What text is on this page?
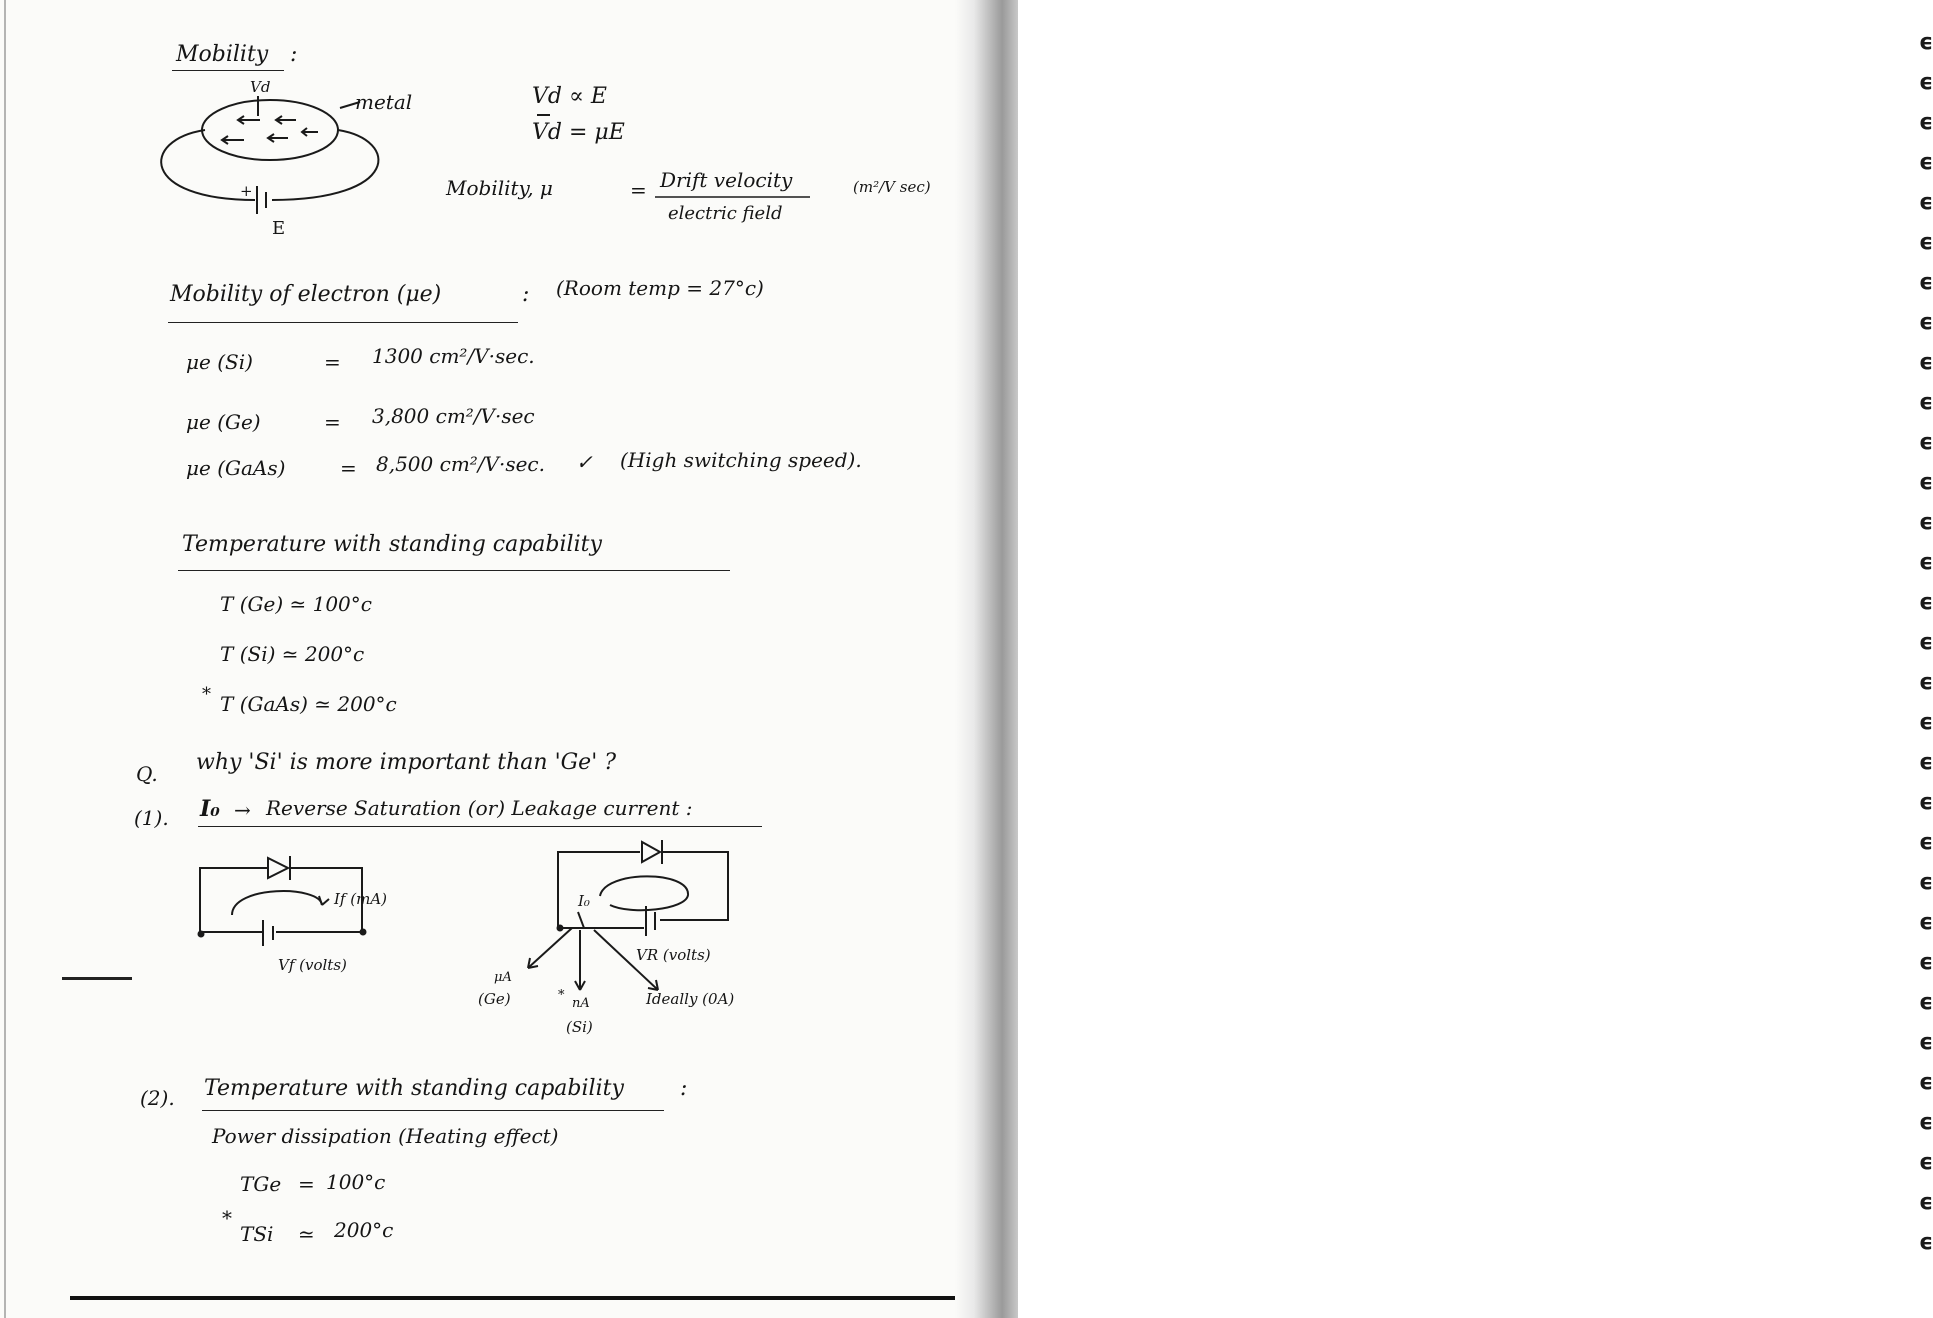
Mobility :
Vd
metal
+
E
Vd ∝ E
Vd = μE
Mobility, μ	= Drift velocity
electric field
(m²/V sec)
Mobility of electron (μe)	: (Room temp = 27°c)
μe (Si)	= 1300 cm²/V·sec.
μe (Ge)	= 3,800 cm²/V·sec
μe (GaAs)	= 8,500 cm²/V·sec. ✓ (High switching speed).
Temperature with standing capability
T (Ge) ≃ 100°c
T (Si) ≃ 200°c
* T (GaAs) ≃ 200°c
Q. why 'Si' is more important than 'Ge' ?
(1). I₀ → Reverse Saturation (or) Leakage current :
If (mA)
Vf (volts)
I₀
VR (volts)
μA
(Ge)	*
nA
(Si)
Ideally (0A)
(2). Temperature with standing capability	:
Power dissipation (Heating effect)
TGe = 100°c
*
TSi ≃ 200°c
ϵ
ϵ
ϵ
ϵ
ϵ
ϵ
ϵ
ϵ
ϵ
ϵ
ϵ
ϵ
ϵ
ϵ
ϵ
ϵ
ϵ
ϵ
ϵ
ϵ
ϵ
ϵ
ϵ
ϵ
ϵ
ϵ
ϵ
ϵ
ϵ
ϵ
ϵ
